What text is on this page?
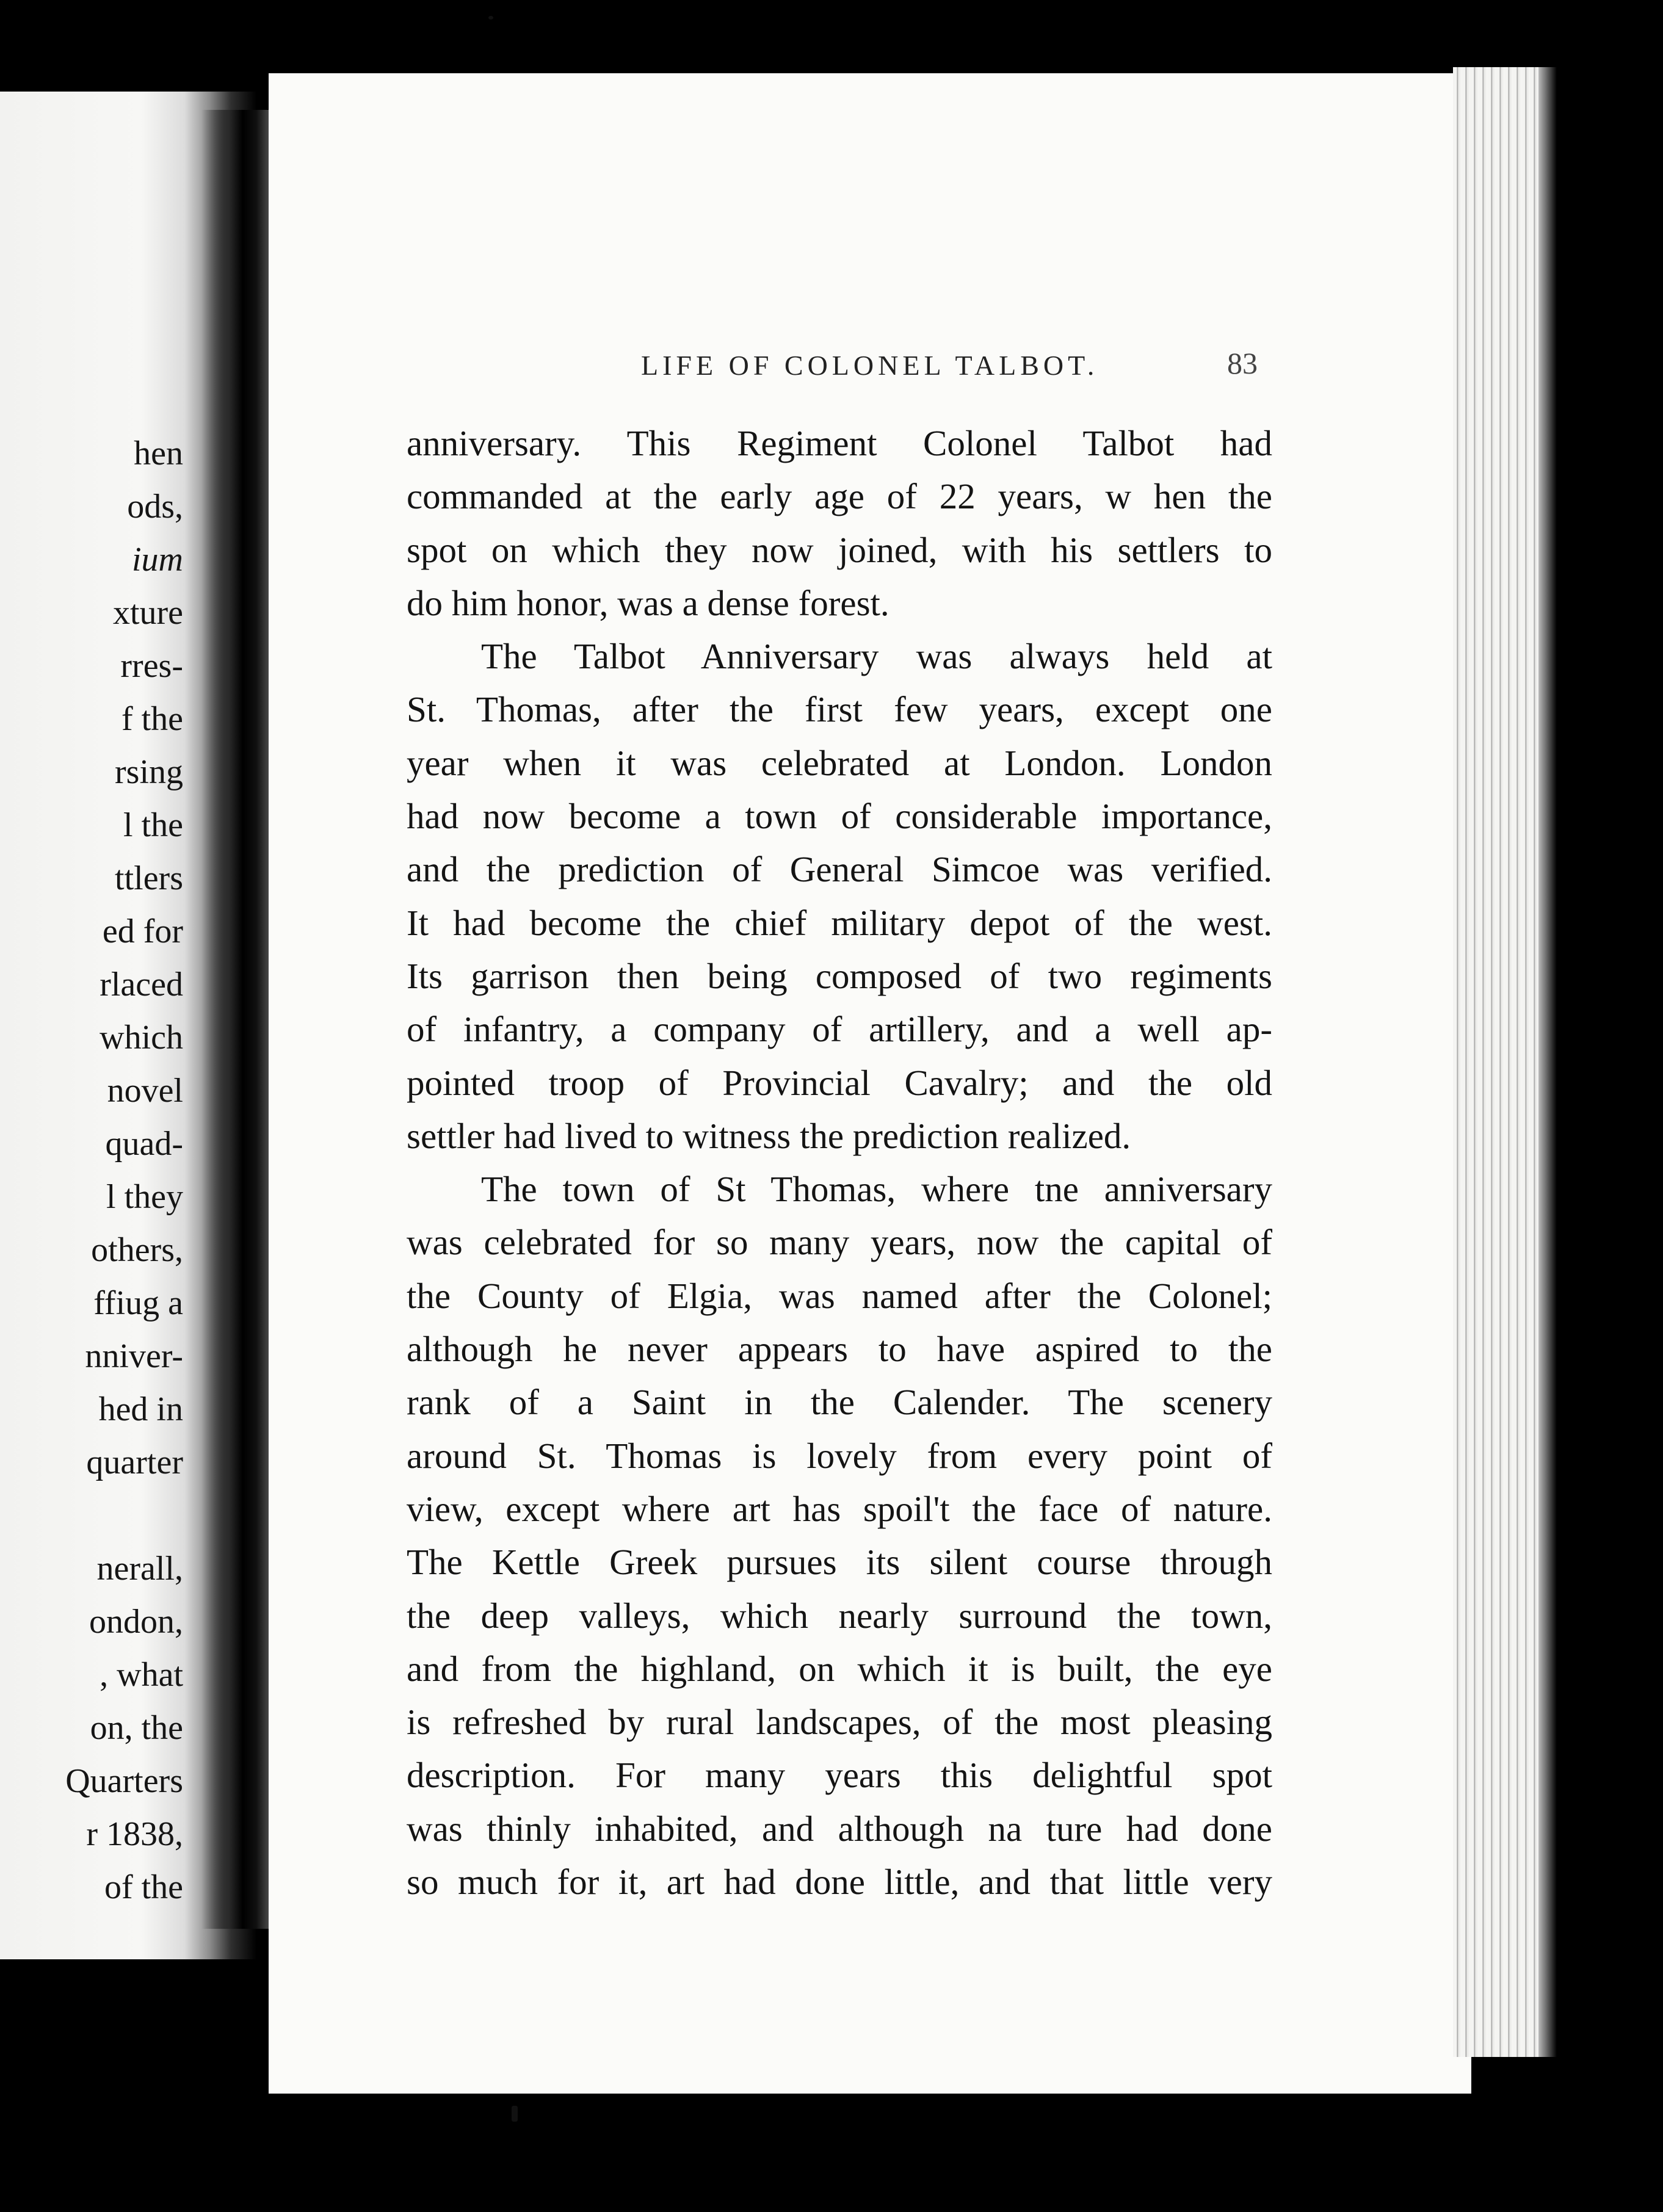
hen
ods,
ium
xture
rres-
f the
rsing
l the
ttlers
ed for
rlaced
which
novel
quad-
l they
others,
ffiug a
nniver-
hed in
quarter

nerall,
ondon,
, what
on, the
Quarters
r 1838,
of the
LIFE OF COLONEL TALBOT.	83
anniversary. This Regiment Colonel Talbot had
commanded at the early age of 22 years, w hen the
spot on which they now joined, with his settlers to
do him honor, was a dense forest.
The Talbot Anniversary was always held at
St. Thomas, after the first few years, except one
year when it was celebrated at London. London
had now become a town of considerable importance,
and the prediction of General Simcoe was verified.
It had become the chief military depot of the west.
Its garrison then being composed of two regiments
of infantry, a company of artillery, and a well ap-
pointed troop of Provincial Cavalry; and the old
settler had lived to witness the prediction realized.
The town of St Thomas, where tne anniversary
was celebrated for so many years, now the capital of
the County of Elgia, was named after the Colonel;
although he never appears to have aspired to the
rank of a Saint in the Calender. The scenery
around St. Thomas is lovely from every point of
view, except where art has spoil't the face of nature.
The Kettle Greek pursues its silent course through
the deep valleys, which nearly surround the town,
and from the highland, on which it is built, the eye
is refreshed by rural landscapes, of the most pleasing
description. For many years this delightful spot
was thinly inhabited, and although na ture had done
so much for it, art had done little, and that little very
